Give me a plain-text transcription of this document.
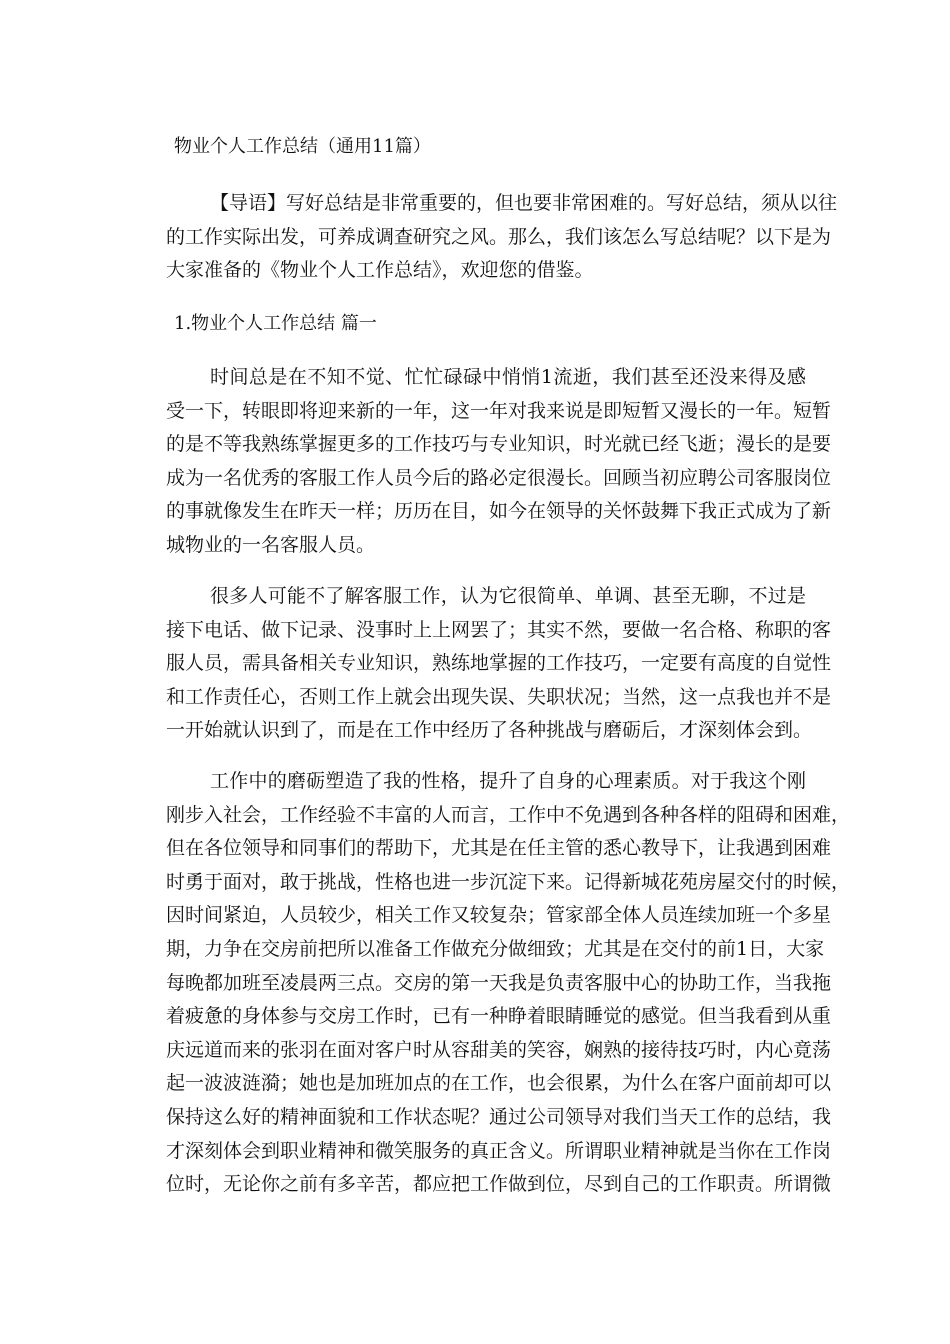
物业个人工作总结（通用11篇）

【导语】写好总结是非常重要的，但也要非常困难的。写好总结，须从以往
的工作实际出发，可养成调查研究之风。那么，我们该怎么写总结呢？以下是为
大家准备的《物业个人工作总结》，欢迎您的借鉴。

1.物业个人工作总结 篇一

时间总是在不知不觉、忙忙碌碌中悄悄1流逝，我们甚至还没来得及感
受一下，转眼即将迎来新的一年，这一年对我来说是即短暂又漫长的一年。短暂
的是不等我熟练掌握更多的工作技巧与专业知识，时光就已经飞逝；漫长的是要
成为一名优秀的客服工作人员今后的路必定很漫长。回顾当初应聘公司客服岗位
的事就像发生在昨天一样；历历在目，如今在领导的关怀鼓舞下我正式成为了新
城物业的一名客服人员。

很多人可能不了解客服工作，认为它很简单、单调、甚至无聊，不过是
接下电话、做下记录、没事时上上网罢了；其实不然，要做一名合格、称职的客
服人员，需具备相关专业知识，熟练地掌握的工作技巧，一定要有高度的自觉性
和工作责任心，否则工作上就会出现失误、失职状况；当然，这一点我也并不是
一开始就认识到了，而是在工作中经历了各种挑战与磨砺后，才深刻体会到。

工作中的磨砺塑造了我的性格，提升了自身的心理素质。对于我这个刚
刚步入社会，工作经验不丰富的人而言，工作中不免遇到各种各样的阻碍和困难，
但在各位领导和同事们的帮助下，尤其是在任主管的悉心教导下，让我遇到困难
时勇于面对，敢于挑战，性格也进一步沉淀下来。记得新城花苑房屋交付的时候，
因时间紧迫，人员较少，相关工作又较复杂；管家部全体人员连续加班一个多星
期，力争在交房前把所以准备工作做充分做细致；尤其是在交付的前1日，大家
每晚都加班至凌晨两三点。交房的第一天我是负责客服中心的协助工作，当我拖
着疲惫的身体参与交房工作时，已有一种睁着眼睛睡觉的感觉。但当我看到从重
庆远道而来的张羽在面对客户时从容甜美的笑容，娴熟的接待技巧时，内心竟荡
起一波波涟漪；她也是加班加点的在工作，也会很累，为什么在客户面前却可以
保持这么好的精神面貌和工作状态呢？通过公司领导对我们当天工作的总结，我
才深刻体会到职业精神和微笑服务的真正含义。所谓职业精神就是当你在工作岗
位时，无论你之前有多辛苦，都应把工作做到位，尽到自己的工作职责。所谓微
